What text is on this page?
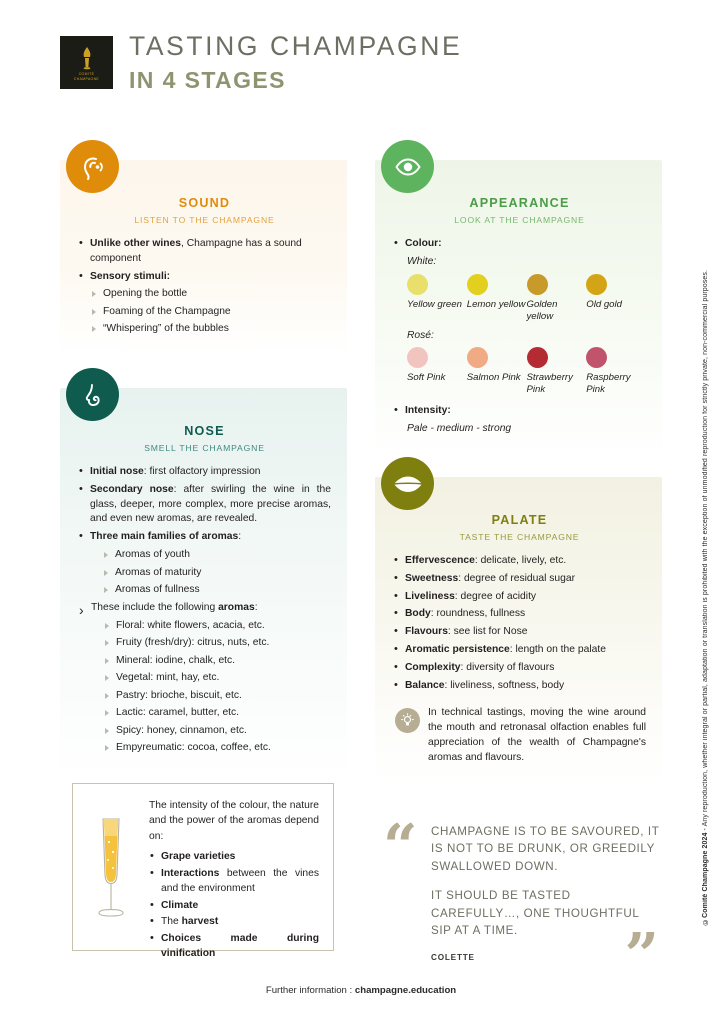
COMITÉ
CHAMPAGNE
TASTING CHAMPAGNE
IN 4 STAGES
SOUND
LISTEN TO THE CHAMPAGNE
• Unlike other wines, Champagne has a sound component
• Sensory stimuli:
Opening the bottle
Foaming of the Champagne
“Whispering” of the bubbles
NOSE
SMELL THE CHAMPAGNE
• Initial nose: first olfactory impression
• Secondary nose: after swirling the wine in the glass, deeper, more complex, more precise aromas, and even new aromas, are revealed.
• Three main families of aromas:
Aromas of youth
Aromas of maturity
Aromas of fullness
› These include the following aromas:
Floral: white flowers, acacia, etc.
Fruity (fresh/dry): citrus, nuts, etc.
Mineral: iodine, chalk, etc.
Vegetal: mint, hay, etc.
Pastry: brioche, biscuit, etc.
Lactic: caramel, butter, etc.
Spicy: honey, cinnamon, etc.
Empyreumatic: cocoa, coffee, etc.
APPEARANCE
LOOK AT THE CHAMPAGNE
• Colour:
White:
Yellow green Lemon yellow Golden yellow
Old gold
Rosé:
Soft Pink	Salmon Pink Strawberry Pink
Raspberry Pink
• Intensity:
Pale - medium - strong
PALATE
TASTE THE CHAMPAGNE
• Effervescence: delicate, lively, etc.
• Sweetness: degree of residual sugar
• Liveliness: degree of acidity
• Body: roundness, fullness
• Flavours: see list for Nose
• Aromatic persistence: length on the palate
• Complexity: diversity of flavours
• Balance: liveliness, softness, body
In technical tastings, moving the wine around the mouth and retronasal olfaction enables full appreciation of the wealth of Champagne's aromas and flavours.
The intensity of the colour, the nature and the power of the aromas depend on:
• Grape varieties
• Interactions between the vines and the environment
• Climate
• The harvest
• Choices made during vinification
“ CHAMPAGNE IS TO BE SAVOURED, IT IS NOT TO BE DRUNK, OR GREEDILY SWALLOWED DOWN.
IT SHOULD BE TASTED CAREFULLY…, ONE THOUGHTFUL SIP AT A TIME.
COLETTE	”
Further information : champagne.education
©Comité Champagne 2024 - Any reproduction, whether integral or partial, adaptation or translation is prohibited with the exception of unmodified reproduction for strictly private, non-commercial purposes.
